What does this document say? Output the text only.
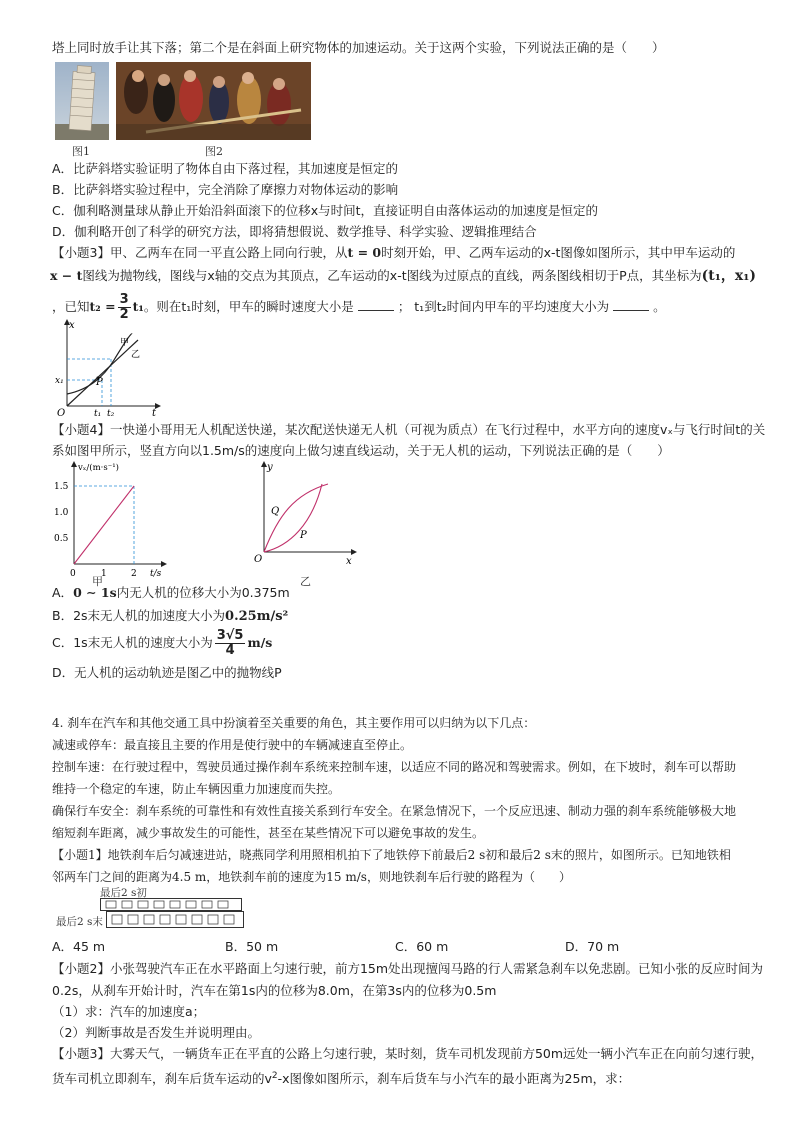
塔上同时放手让其下落；第二个是在斜面上研究物体的加速运动。关于这两个实验，下列说法正确的是（　　）
图1	图2
A．比萨斜塔实验证明了物体自由下落过程，其加速度是恒定的
B．比萨斜塔实验过程中，完全消除了摩擦力对物体运动的影响
C．伽利略测量球从静止开始沿斜面滚下的位移x与时间t，直接证明自由落体运动的加速度是恒定的
D．伽利略开创了科学的研究方法，即将猜想假说、数学推导、科学实验、逻辑推理结合
【小题3】甲、乙两车在同一平直公路上同向行驶，从t = 0时刻开始，甲、乙两车运动的x-t图像如图所示，其中甲车运动的
x − t图线为抛物线，图线与x轴的交点为其顶点，乙车运动的x-t图线为过原点的直线，两条图线相切于P点，其坐标为(t₁，x₁)
，已知$t_2 = \frac{3}{2} t_1$。则在t₁时刻，甲车的瞬时速度大小是	； t₁到t₂时间内甲车的平均速度大小为	。
x
t
O
x₁
t₁ t₂
P
甲
乙
【小题4】一快递小哥用无人机配送快递，某次配送快递无人机（可视为质点）在飞行过程中，水平方向的速度vₓ与飞行时间t的关
系如图甲所示，竖直方向以1.5m/s的速度向上做匀速直线运动，关于无人机的运动，下列说法正确的是（　　）
vₓ/(m·s⁻¹)
1.5
1.0
0.5
0	1	2 t/s
甲
y
x
O
Q
P
乙
A．0 ∼ 1s内无人机的位移大小为0.375m
B．2s末无人机的加速度大小为0.25m/s²
C．1s末无人机的速度大小为 $\frac{3√5}{4} m/s$
D．无人机的运动轨迹是图乙中的抛物线P
4. 刹车在汽车和其他交通工具中扮演着至关重要的角色，其主要作用可以归纳为以下几点：
减速或停车：最直接且主要的作用是使行驶中的车辆减速直至停止。
控制车速：在行驶过程中，驾驶员通过操作刹车系统来控制车速，以适应不同的路况和驾驶需求。例如，在下坡时，刹车可以帮助
维持一个稳定的车速，防止车辆因重力加速度而失控。
确保行车安全：刹车系统的可靠性和有效性直接关系到行车安全。在紧急情况下，一个反应迅速、制动力强的刹车系统能够极大地
缩短刹车距离，减少事故发生的可能性，甚至在某些情况下可以避免事故的发生。
【小题1】地铁刹车后匀减速进站，晓燕同学利用照相机拍下了地铁停下前最后2 s初和最后2 s末的照片，如图所示。已知地铁相
邻两车门之间的距离为4.5 m，地铁刹车前的速度为15 m/s，则地铁刹车后行驶的路程为（　　）
最后2 s初
最后2 s末
A．45 m	B．50 m	C．60 m	D．70 m
【小题2】小张驾驶汽车正在水平路面上匀速行驶，前方15m处出现擅闯马路的行人需紧急刹车以免悲剧。已知小张的反应时间为
0.2s，从刹车开始计时，汽车在第1s内的位移为8.0m，在第3s内的位移为0.5m
（1）求：汽车的加速度a；
（2）判断事故是否发生并说明理由。
【小题3】大雾天气，一辆货车正在平直的公路上匀速行驶，某时刻，货车司机发现前方50m远处一辆小汽车正在向前匀速行驶，
货车司机立即刹车，刹车后货车运动的$v^2-x$图像如图所示，刹车后货车与小汽车的最小距离为25m，求：
